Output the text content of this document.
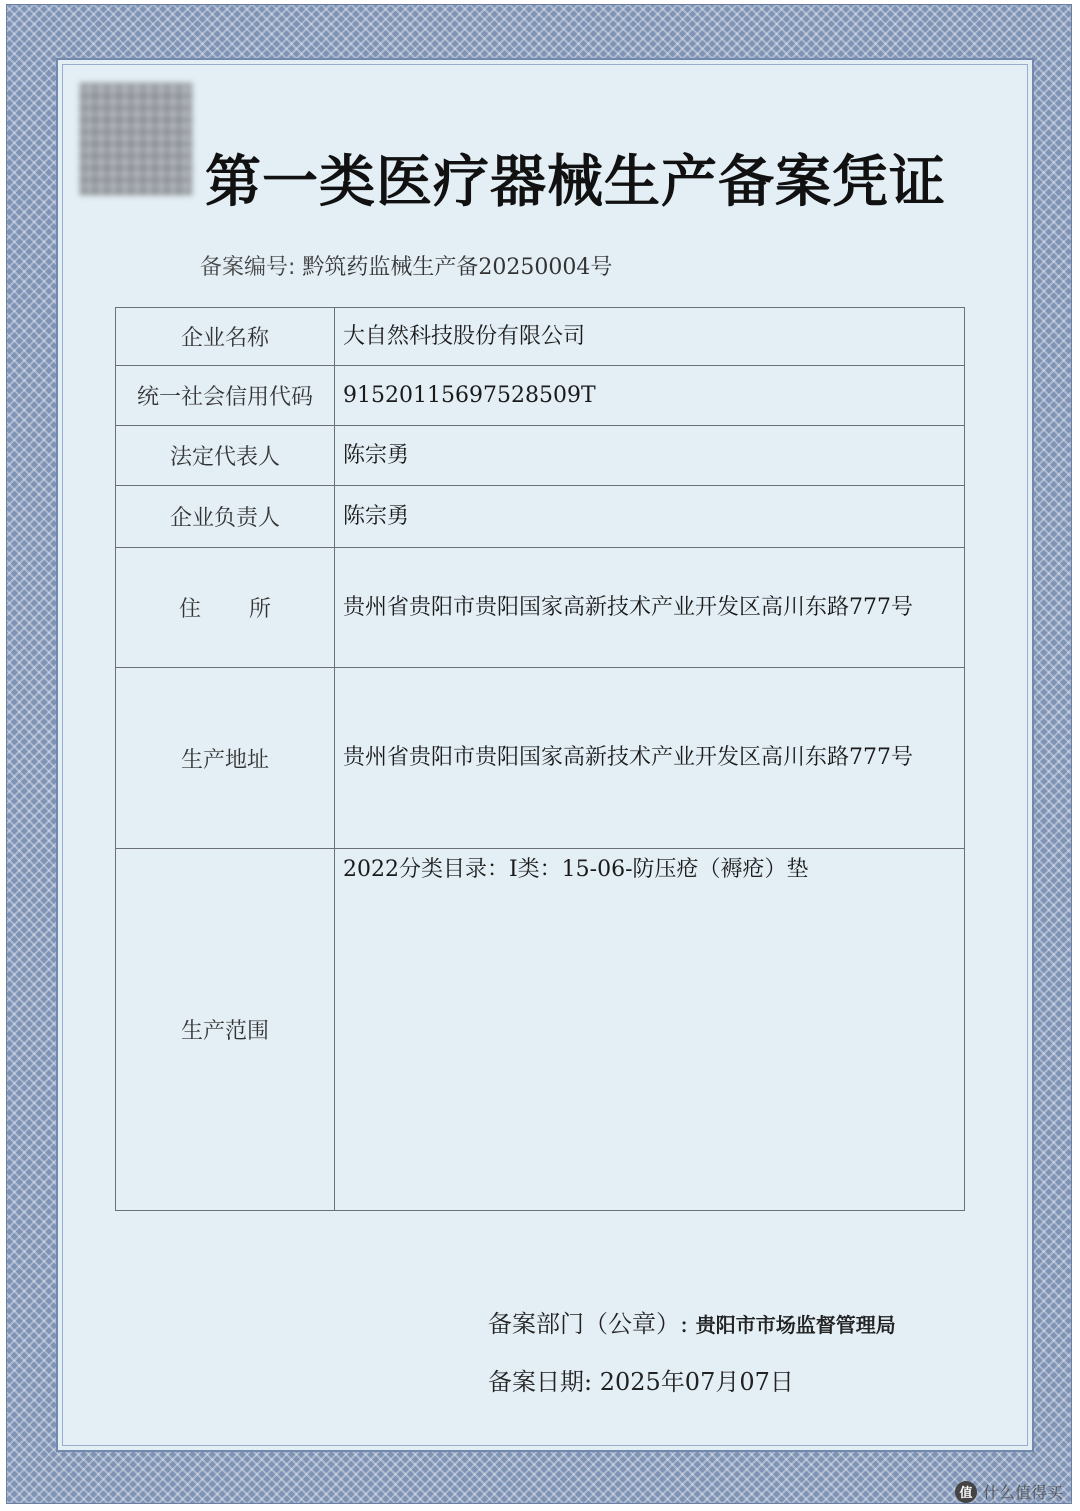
第一类医疗器械生产备案凭证
备案编号: 黔筑药监械生产备20250004号
企业名称	大自然科技股份有限公司
统一社会信用代码	915201156975285​09T
法定代表人	陈宗勇
企业负责人	陈宗勇
住所	贵州省贵阳市贵阳国家高新技术产业开发区高川东路777号
生产地址	贵州省贵阳市贵阳国家高新技术产业开发区高川东路777号
生产范围	2022分类目录：Ⅰ类：15-06-防压疮（褥疮）垫
备案部门（公章）: 贵阳市市场监督管理局
备案日期: 2025年07月07日
值 什么值得买
